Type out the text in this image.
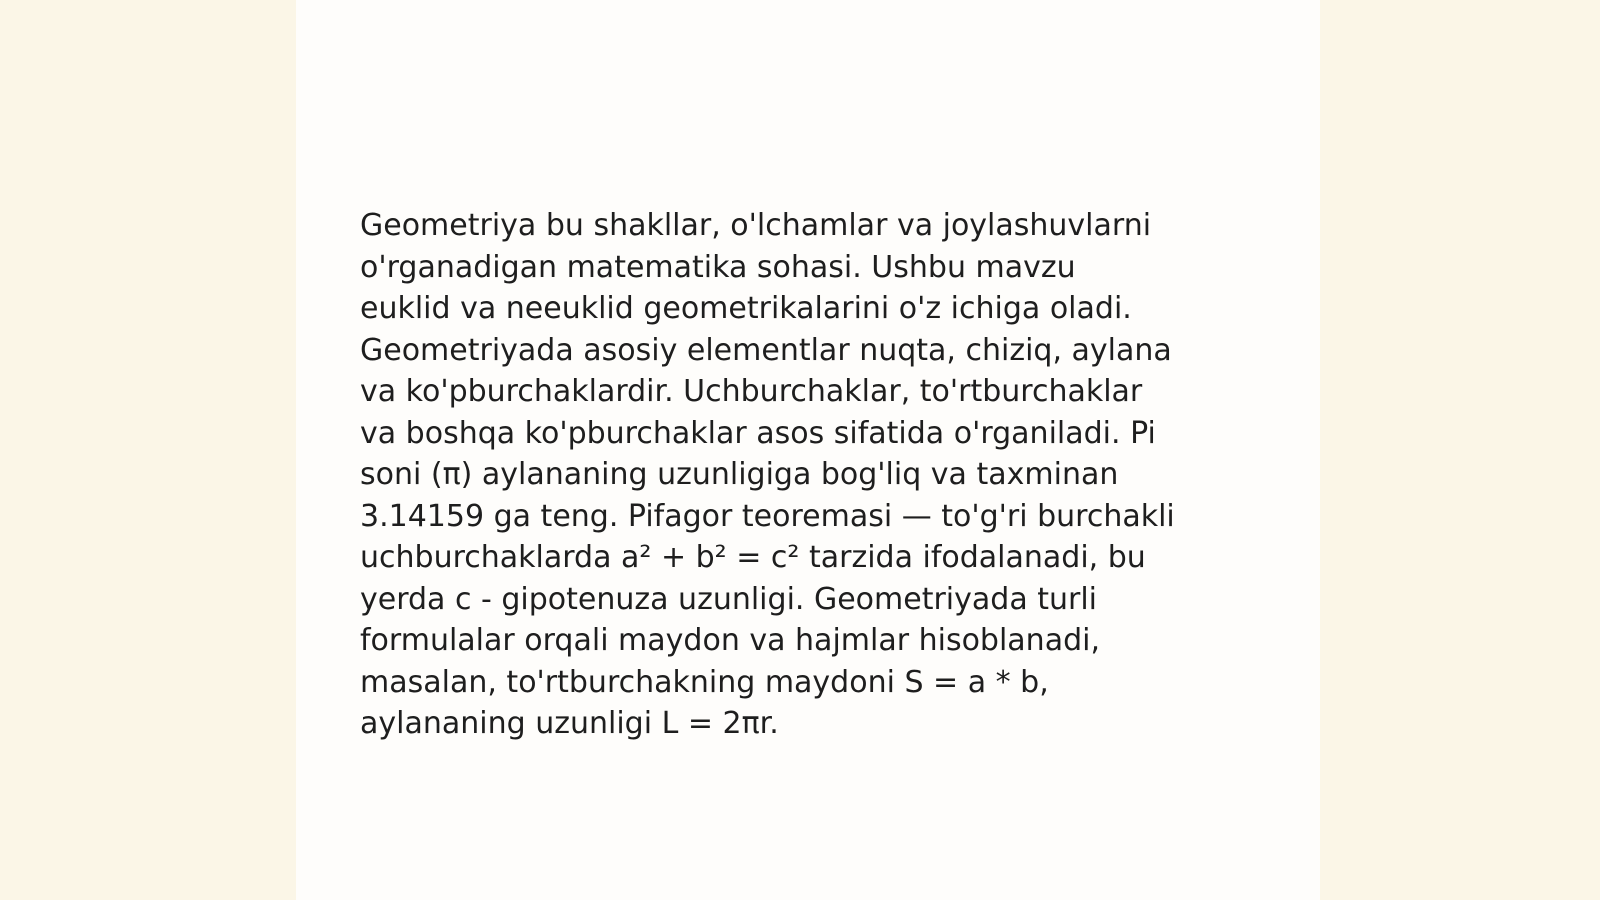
Geometriya bu shakllar, o'lchamlar va joylashuvlarni
o'rganadigan matematika sohasi. Ushbu mavzu
euklid va neeuklid geometrikalarini o'z ichiga oladi.
Geometriyada asosiy elementlar nuqta, chiziq, aylana
va ko'pburchaklardir. Uchburchaklar, to'rtburchaklar
va boshqa ko'pburchaklar asos sifatida o'rganiladi. Pi
soni (π) aylananing uzunligiga bog'liq va taxminan
3.14159 ga teng. Pifagor teoremasi — to'g'ri burchakli
uchburchaklarda a² + b² = c² tarzida ifodalanadi, bu
yerda c - gipotenuza uzunligi. Geometriyada turli
formulalar orqali maydon va hajmlar hisoblanadi,
masalan, to'rtburchakning maydoni S = a * b,
aylananing uzunligi L = 2πr.
